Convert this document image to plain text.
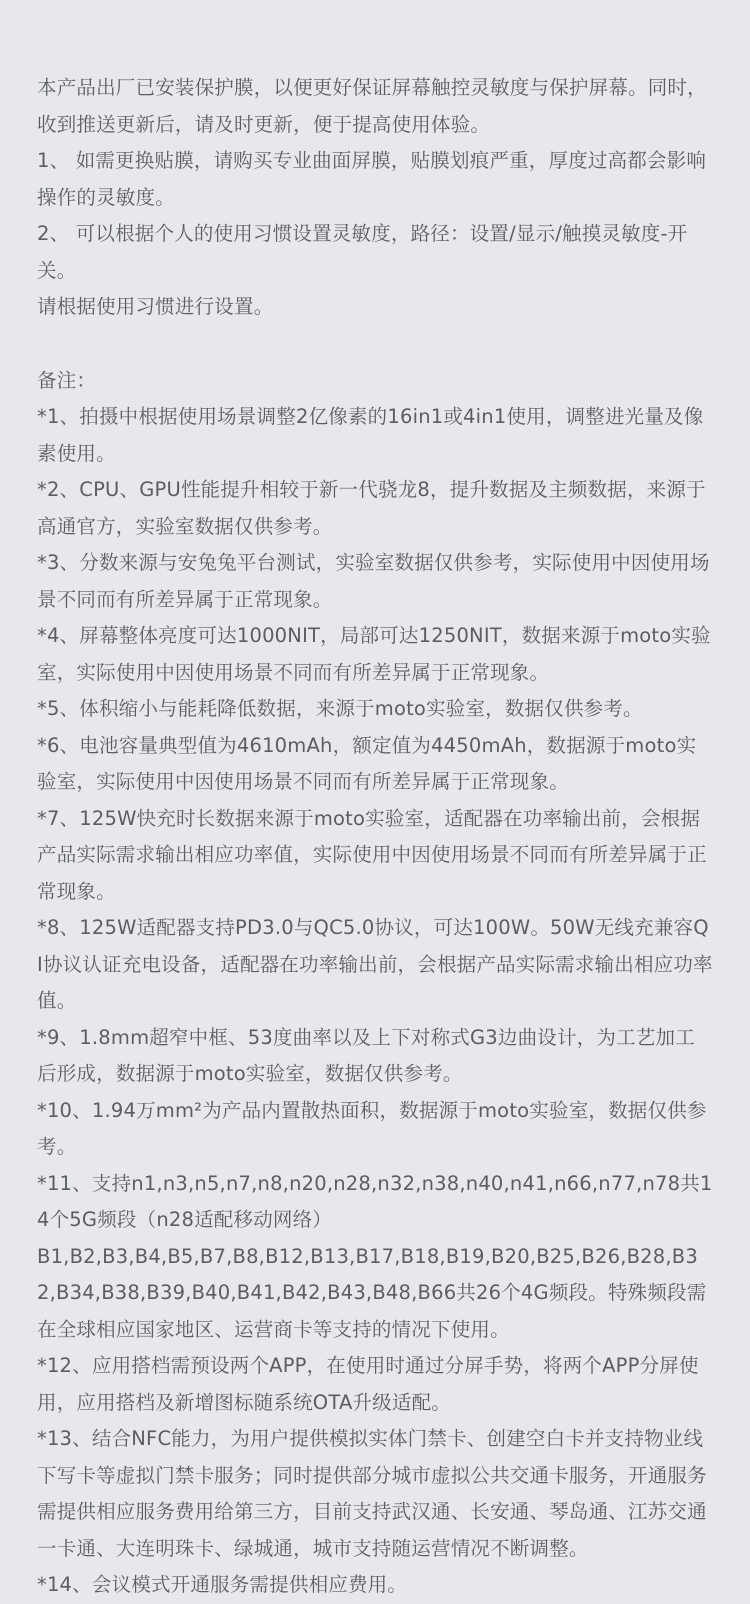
本产品出厂已安装保护膜，以便更好保证屏幕触控灵敏度与保护屏幕。同时，收到推送更新后，请及时更新，便于提高使用体验。

1、 如需更换贴膜，请购买专业曲面屏膜，贴膜划痕严重，厚度过高都会影响操作的灵敏度。

2、 可以根据个人的使用习惯设置灵敏度，路径：设置/显示/触摸灵敏度-开关。

请根据使用习惯进行设置。

备注：

*1、拍摄中根据使用场景调整2亿像素的16in1或4in1使用，调整进光量及像素使用。

*2、CPU、GPU性能提升相较于新一代骁龙8，提升数据及主频数据，来源于高通官方，实验室数据仅供参考。

*3、分数来源与安兔兔平台测试，实验室数据仅供参考，实际使用中因使用场景不同而有所差异属于正常现象。

*4、屏幕整体亮度可达1000NIT，局部可达1250NIT，数据来源于moto实验室，实际使用中因使用场景不同而有所差异属于正常现象。

*5、体积缩小与能耗降低数据，来源于moto实验室，数据仅供参考。

*6、电池容量典型值为4610mAh，额定值为4450mAh，数据源于moto实验室，实际使用中因使用场景不同而有所差异属于正常现象。

*7、125W快充时长数据来源于moto实验室，适配器在功率输出前，会根据产品实际需求输出相应功率值，实际使用中因使用场景不同而有所差异属于正常现象。

*8、125W适配器支持PD3.0与QC5.0协议，可达100W。50W无线充兼容QI协议认证充电设备，适配器在功率输出前，会根据产品实际需求输出相应功率值。

*9、1.8mm超窄中框、53度曲率以及上下对称式G3边曲设计，为工艺加工后形成，数据源于moto实验室，数据仅供参考。

*10、1.94万mm²为产品内置散热面积，数据源于moto实验室，数据仅供参考。

*11、支持n1,n3,n5,n7,n8,n20,n28,n32,n38,n40,n41,n66,n77,n78共14个5G频段（n28适配移动网络）

B1,B2,B3,B4,B5,B7,B8,B12,B13,B17,B18,B19,B20,B25,B26,B28,B32,B34,B38,B39,B40,B41,B42,B43,B48,B66共26个4G频段。特殊频段需在全球相应国家地区、运营商卡等支持的情况下使用。

*12、应用搭档需预设两个APP，在使用时通过分屏手势，将两个APP分屏使用，应用搭档及新增图标随系统OTA升级适配。

*13、结合NFC能力，为用户提供模拟实体门禁卡、创建空白卡并支持物业线下写卡等虚拟门禁卡服务；同时提供部分城市虚拟公共交通卡服务，开通服务需提供相应服务费用给第三方，目前支持武汉通、长安通、琴岛通、江苏交通一卡通、大连明珠卡、绿城通，城市支持随运营情况不断调整。

*14、会议模式开通服务需提供相应费用。
